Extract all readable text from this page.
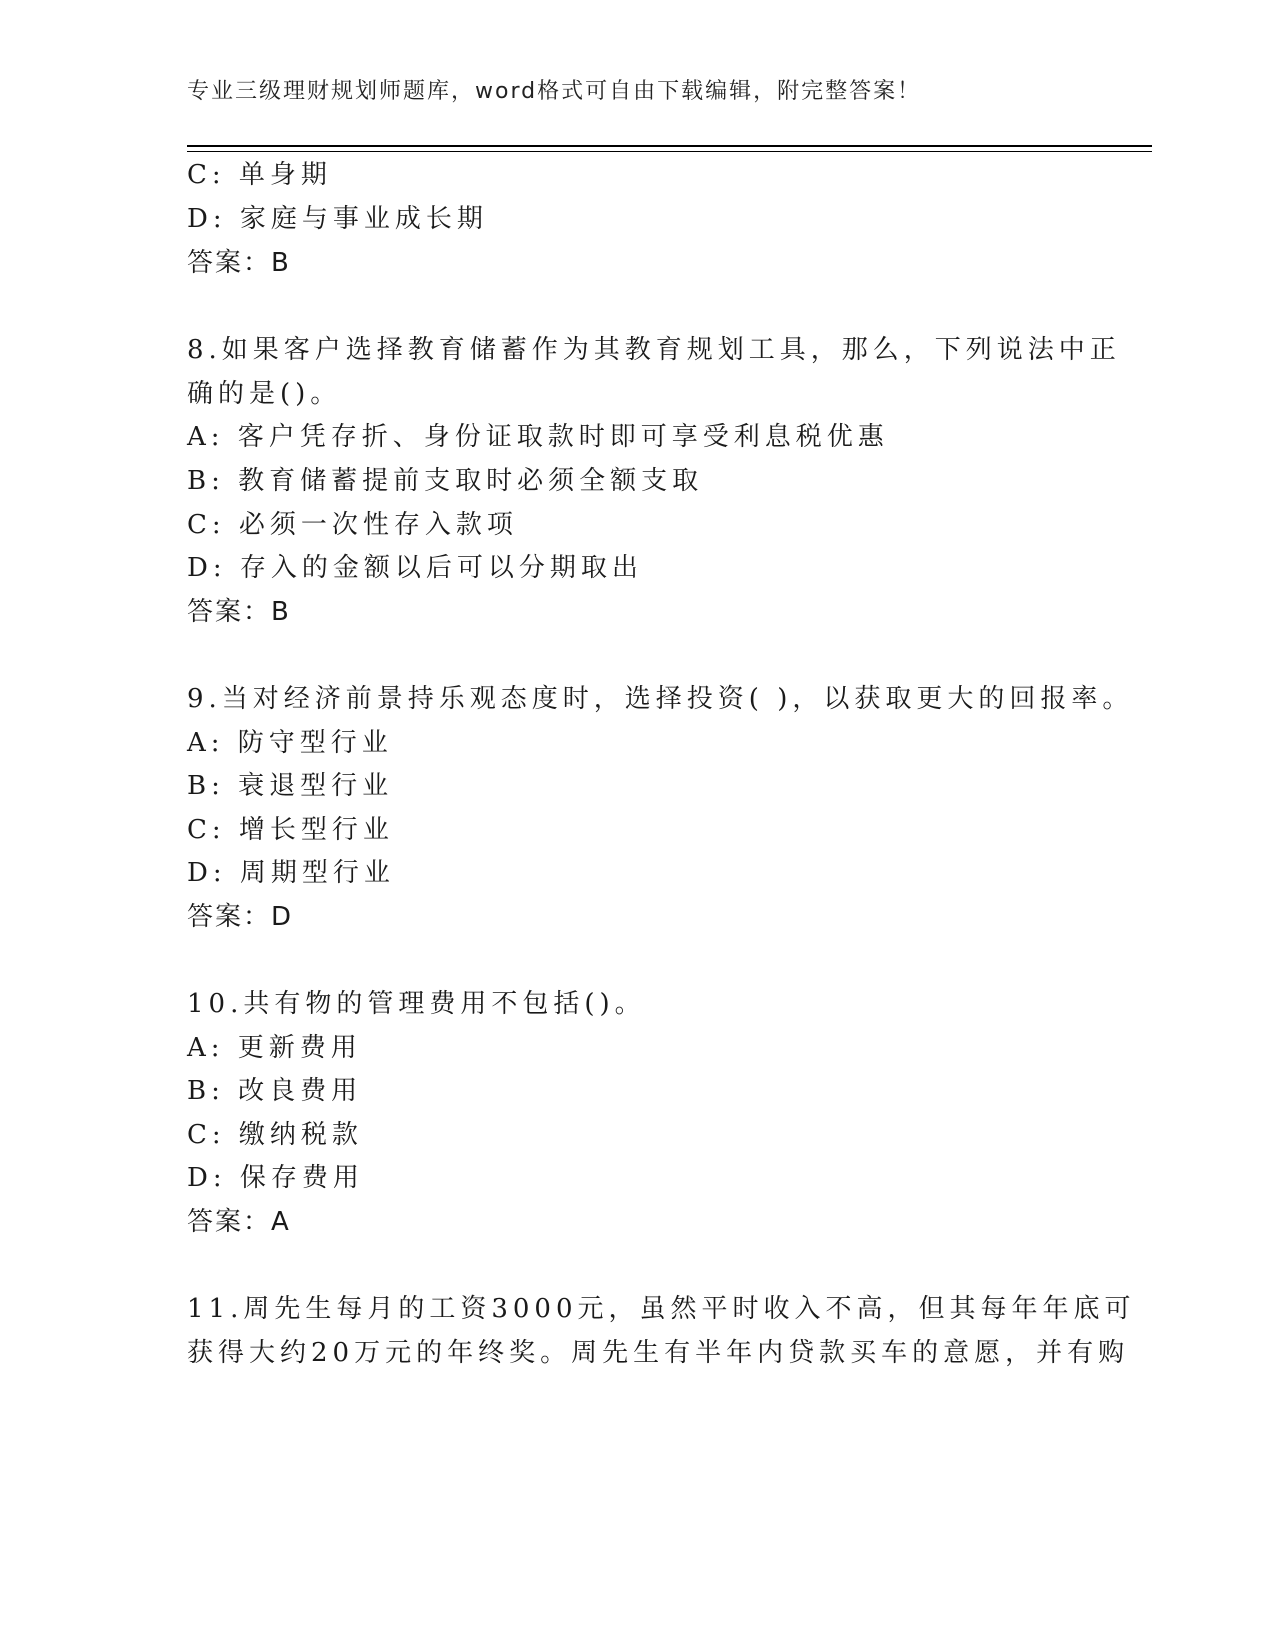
专业三级理财规划师题库，word格式可自由下载编辑，附完整答案！
C: 单身期
D: 家庭与事业成长期
答案：B
8.如果客户选择教育储蓄作为其教育规划工具，那么，下列说法中正
确的是()。
A: 客户凭存折、身份证取款时即可享受利息税优惠
B: 教育储蓄提前支取时必须全额支取
C: 必须一次性存入款项
D: 存入的金额以后可以分期取出
答案：B
9.当对经济前景持乐观态度时，选择投资( )，以获取更大的回报率。
A: 防守型行业
B: 衰退型行业
C: 增长型行业
D: 周期型行业
答案：D
10.共有物的管理费用不包括()。
A: 更新费用
B: 改良费用
C: 缴纳税款
D: 保存费用
答案：A
11.周先生每月的工资3000元，虽然平时收入不高，但其每年年底可
获得大约20万元的年终奖。周先生有半年内贷款买车的意愿，并有购
